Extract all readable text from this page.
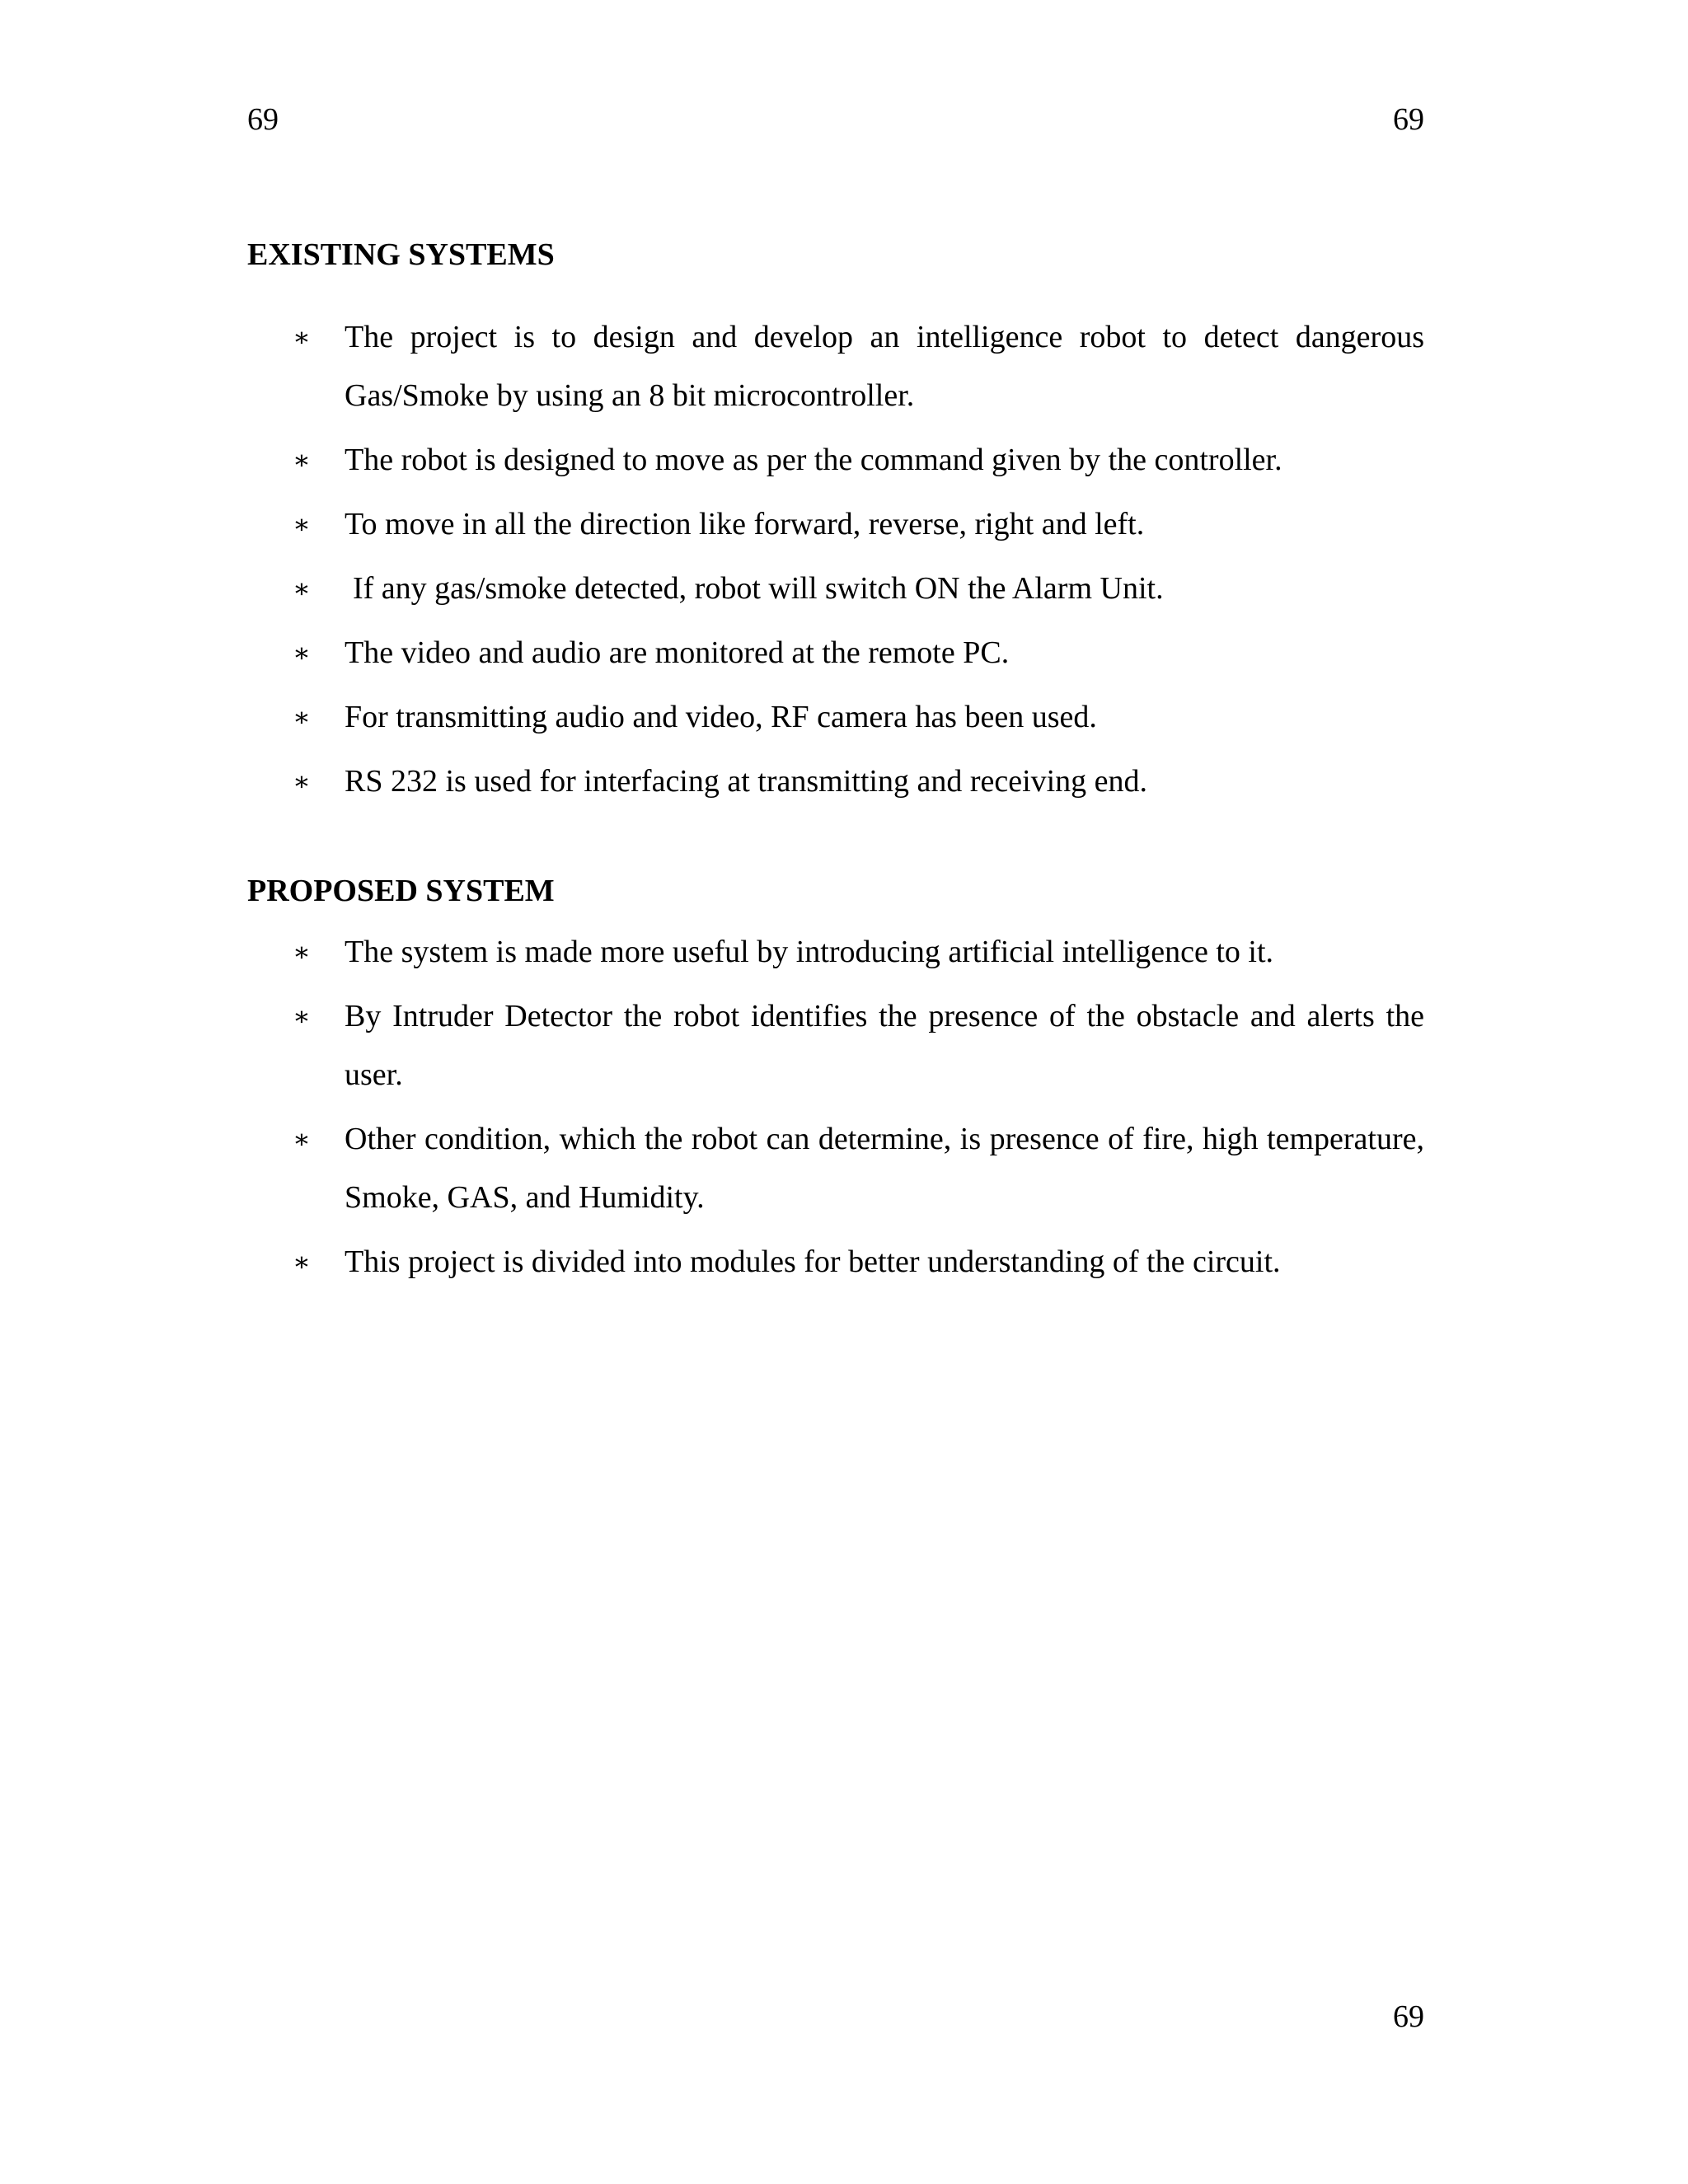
69	69
EXISTING SYSTEMS
∗ The project is to design and develop an intelligence robot to detect dangerous Gas/Smoke by using an 8 bit microcontroller.
∗ The robot is designed to move as per the command given by the controller.
∗ To move in all the direction like forward, reverse, right and left.
∗ If any gas/smoke detected, robot will switch ON the Alarm Unit.
∗ The video and audio are monitored at the remote PC.
∗ For transmitting audio and video, RF camera has been used.
∗ RS 232 is used for interfacing at transmitting and receiving end.
PROPOSED SYSTEM
∗ The system is made more useful by introducing artificial intelligence to it.
∗ By Intruder Detector the robot identifies the presence of the obstacle and alerts the user.
∗ Other condition, which the robot can determine, is presence of fire, high temperature, Smoke, GAS, and Humidity.
∗ This project is divided into modules for better understanding of the circuit.
69
